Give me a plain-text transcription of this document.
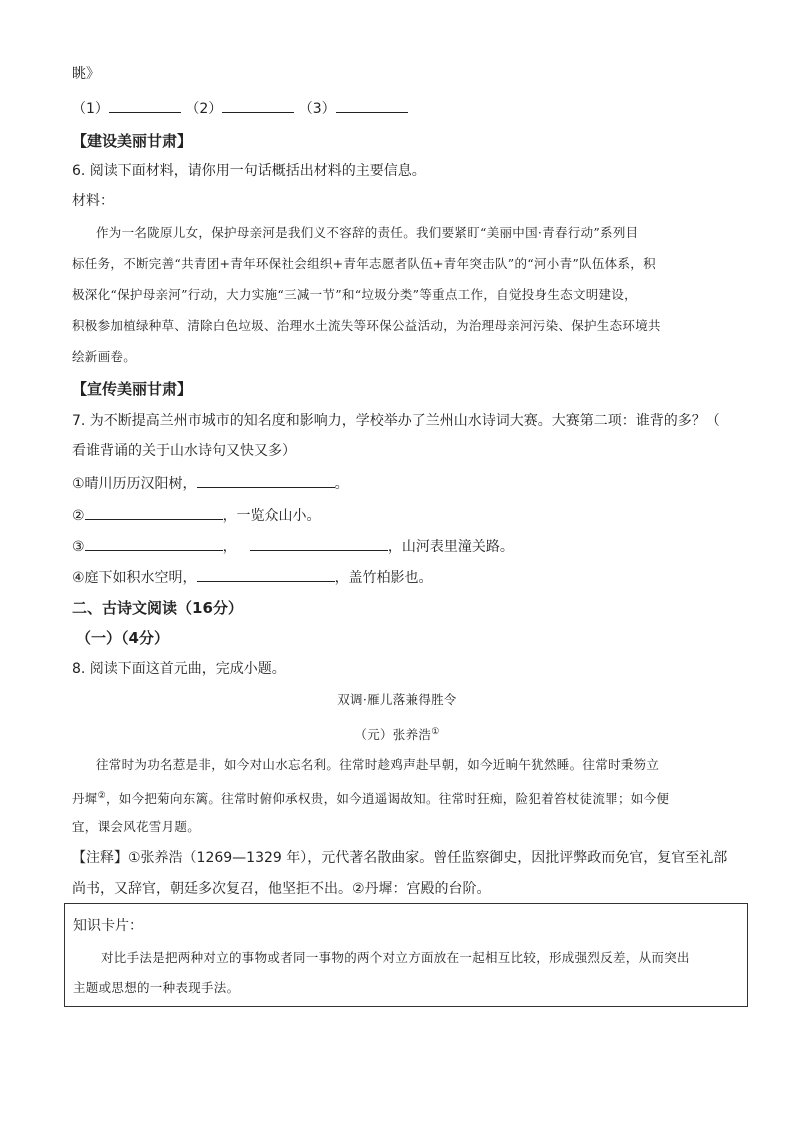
眺》
（1）	（2）	（3）
【建设美丽甘肃】
6. 阅读下面材料，请你用一句话概括出材料的主要信息。
材料：
作为一名陇原儿女，保护母亲河是我们义不容辞的责任。我们要紧盯“美丽中国·青春行动”系列目
标任务，不断完善“共青团+青年环保社会组织+青年志愿者队伍+青年突击队”的“河小青”队伍体系，积
极深化“保护母亲河”行动，大力实施“三减一节”和“垃圾分类”等重点工作，自觉投身生态文明建设，
积极参加植绿种草、清除白色垃圾、治理水土流失等环保公益活动，为治理母亲河污染、保护生态环境共
绘新画卷。
【宣传美丽甘肃】
7. 为不断提高兰州市城市的知名度和影响力，学校举办了兰州山水诗词大赛。大赛第二项：谁背的多？（
看谁背诵的关于山水诗句又快又多）
①晴川历历汉阳树，	。
②	，一览众山小。
③	，	，山河表里潼关路。
④庭下如积水空明，	，盖竹柏影也。
二、古诗文阅读（16分）
（一）（4分）
8. 阅读下面这首元曲，完成小题。
双调·雁儿落兼得胜令
（元）张养浩①
往常时为功名惹是非，如今对山水忘名利。往常时趁鸡声赴早朝，如今近晌午犹然睡。往常时秉笏立
丹墀②，如今把菊向东篱。往常时俯仰承权贵，如今逍遥谒故知。往常时狂痴，险犯着笞杖徒流罪；如今便
宜，课会风花雪月题。
【注释】①张养浩（1269—1329 年），元代著名散曲家。曾任监察御史，因批评弊政而免官，复官至礼部
尚书，又辞官，朝廷多次复召，他坚拒不出。②丹墀：宫殿的台阶。
知识卡片：
对比手法是把两种对立的事物或者同一事物的两个对立方面放在一起相互比较，形成强烈反差，从而突出
主题或思想的一种表现手法。
